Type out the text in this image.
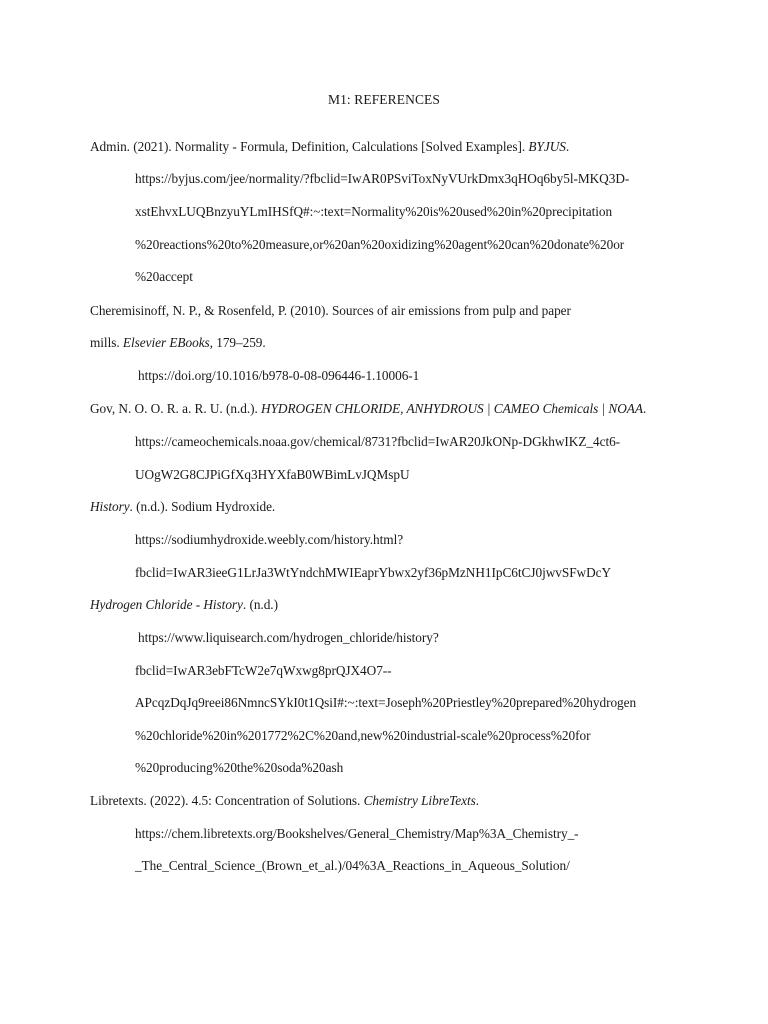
M1: REFERENCES
Admin. (2021). Normality - Formula, Definition, Calculations [Solved Examples]. BYJUS.
https://byjus.com/jee/normality/?fbclid=IwAR0PSviToxNyVUrkDmx3qHOq6by5l-MKQ3D-
xstEhvxLUQBnzyuYLmIHSfQ#:~:text=Normality%20is%20used%20in%20precipitation
%20reactions%20to%20measure,or%20an%20oxidizing%20agent%20can%20donate%20or
%20accept
Cheremisinoff, N. P., & Rosenfeld, P. (2010). Sources of air emissions from pulp and paper
mills. Elsevier EBooks, 179–259.
https://doi.org/10.1016/b978-0-08-096446-1.10006-1
Gov, N. O. O. R. a. R. U. (n.d.). HYDROGEN CHLORIDE, ANHYDROUS | CAMEO Chemicals | NOAA.
https://cameochemicals.noaa.gov/chemical/8731?fbclid=IwAR20JkONp-DGkhwIKZ_4ct6-
UOgW2G8CJPiGfXq3HYXfaB0WBimLvJQMspU
History. (n.d.). Sodium Hydroxide.
https://sodiumhydroxide.weebly.com/history.html?
fbclid=IwAR3ieeG1LrJa3WtYndchMWIEaprYbwx2yf36pMzNH1IpC6tCJ0jwvSFwDcY
Hydrogen Chloride - History. (n.d.)
https://www.liquisearch.com/hydrogen_chloride/history?
fbclid=IwAR3ebFTcW2e7qWxwg8prQJX4O7--
APcqzDqJq9reei86NmncSYkI0t1QsiI#:~:text=Joseph%20Priestley%20prepared%20hydrogen
%20chloride%20in%201772%2C%20and,new%20industrial-scale%20process%20for
%20producing%20the%20soda%20ash
Libretexts. (2022). 4.5: Concentration of Solutions. Chemistry LibreTexts.
https://chem.libretexts.org/Bookshelves/General_Chemistry/Map%3A_Chemistry_-
_The_Central_Science_(Brown_et_al.)/04%3A_Reactions_in_Aqueous_Solution/
